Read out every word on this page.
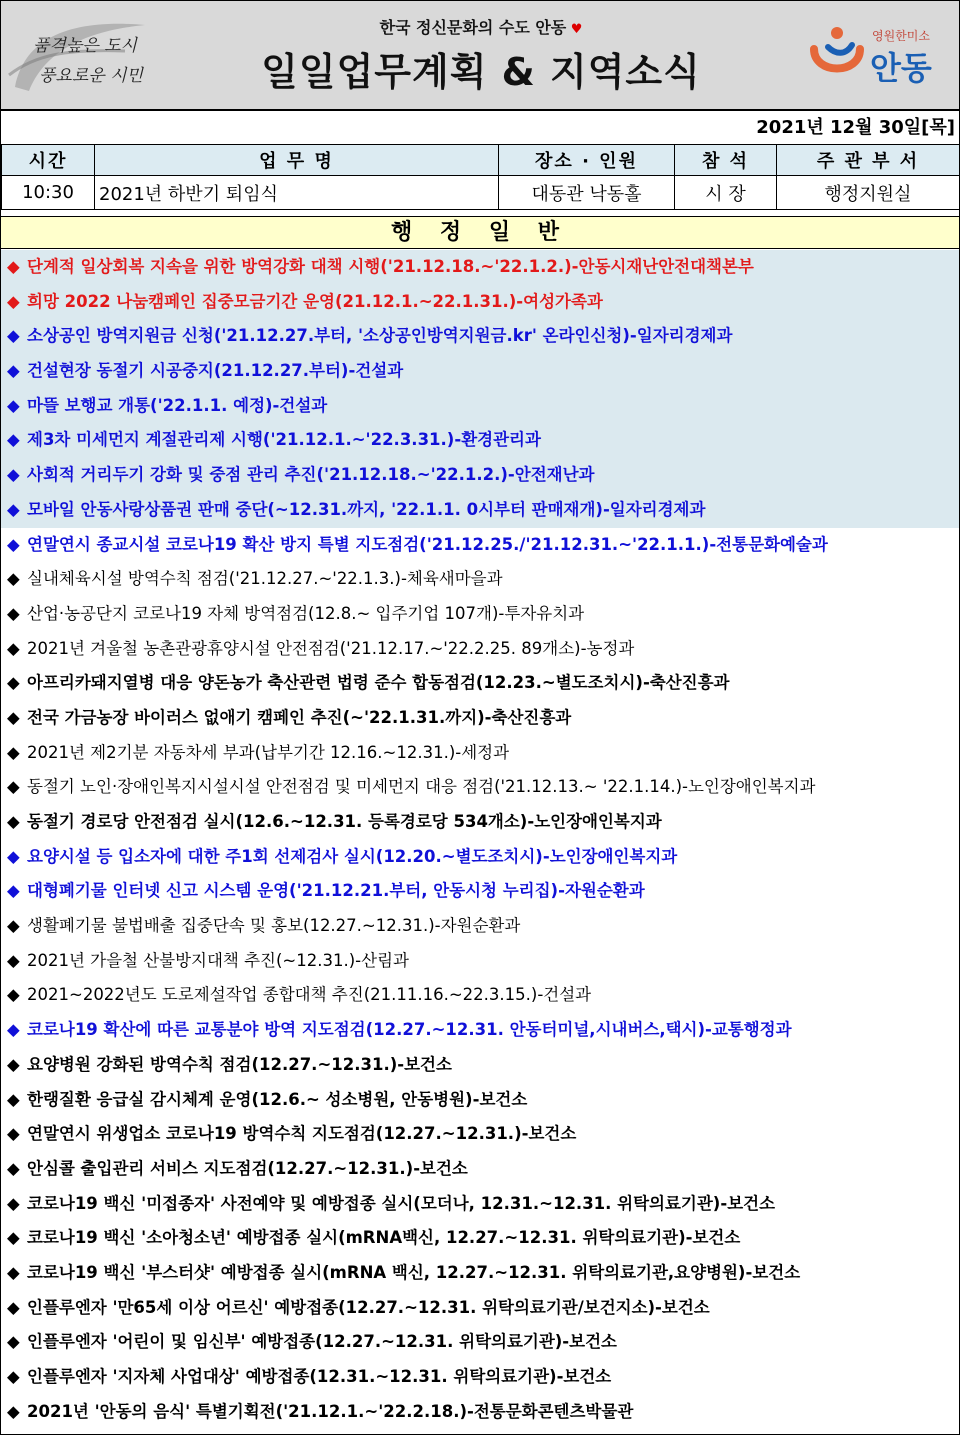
품격높은 도시
풍요로운 시민
한국 정신문화의 수도 안동 ♥
일일업무계획 & 지역소식
영원한미소
안동
2021년 12월 30일[목]
시간	업 무 명	장소 · 인원	참 석	주 관 부 서
10:30	2021년 하반기 퇴임식	대동관 낙동홀	시 장	행정지원실
행 정 일 반
◆ 단계적 일상회복 지속을 위한 방역강화 대책 시행('21.12.18.~'22.1.2.)-안동시재난안전대책본부
◆ 희망 2022 나눔캠페인 집중모금기간 운영(21.12.1.~22.1.31.)-여성가족과
◆ 소상공인 방역지원금 신청('21.12.27.부터, '소상공인방역지원금.kr' 온라인신청)-일자리경제과
◆ 건설현장 동절기 시공중지(21.12.27.부터)-건설과
◆ 마뜰 보행교 개통('22.1.1. 예정)-건설과
◆ 제3차 미세먼지 계절관리제 시행('21.12.1.~'22.3.31.)-환경관리과
◆ 사회적 거리두기 강화 및 중점 관리 추진('21.12.18.~'22.1.2.)-안전재난과
◆ 모바일 안동사랑상품권 판매 중단(~12.31.까지, '22.1.1. 0시부터 판매재개)-일자리경제과
◆ 연말연시 종교시설 코로나19 확산 방지 특별 지도점검('21.12.25./'21.12.31.~'22.1.1.)-전통문화예술과
◆ 실내체육시설 방역수칙 점검('21.12.27.~'22.1.3.)-체육새마을과
◆ 산업·농공단지 코로나19 자체 방역점검(12.8.~ 입주기업 107개)-투자유치과
◆ 2021년 겨울철 농촌관광휴양시설 안전점검('21.12.17.~'22.2.25. 89개소)-농정과
◆ 아프리카돼지열병 대응 양돈농가 축산관련 법령 준수 합동점검(12.23.~별도조치시)-축산진흥과
◆ 전국 가금농장 바이러스 없애기 캠페인 추진(~'22.1.31.까지)-축산진흥과
◆ 2021년 제2기분 자동차세 부과(납부기간 12.16.~12.31.)-세정과
◆ 동절기 노인·장애인복지시설시설 안전점검 및 미세먼지 대응 점검('21.12.13.~ '22.1.14.)-노인장애인복지과
◆ 동절기 경로당 안전점검 실시(12.6.~12.31. 등록경로당 534개소)-노인장애인복지과
◆ 요양시설 등 입소자에 대한 주1회 선제검사 실시(12.20.~별도조치시)-노인장애인복지과
◆ 대형폐기물 인터넷 신고 시스템 운영('21.12.21.부터, 안동시청 누리집)-자원순환과
◆ 생활폐기물 불법배출 집중단속 및 홍보(12.27.~12.31.)-자원순환과
◆ 2021년 가을철 산불방지대책 추진(~12.31.)-산림과
◆ 2021~2022년도 도로제설작업 종합대책 추진(21.11.16.~22.3.15.)-건설과
◆ 코로나19 확산에 따른 교통분야 방역 지도점검(12.27.~12.31. 안동터미널,시내버스,택시)-교통행정과
◆ 요양병원 강화된 방역수칙 점검(12.27.~12.31.)-보건소
◆ 한랭질환 응급실 감시체계 운영(12.6.~ 성소병원, 안동병원)-보건소
◆ 연말연시 위생업소 코로나19 방역수칙 지도점검(12.27.~12.31.)-보건소
◆ 안심콜 출입관리 서비스 지도점검(12.27.~12.31.)-보건소
◆ 코로나19 백신 '미접종자' 사전예약 및 예방접종 실시(모더나, 12.31.~12.31. 위탁의료기관)-보건소
◆ 코로나19 백신 '소아청소년' 예방접종 실시(mRNA백신, 12.27.~12.31. 위탁의료기관)-보건소
◆ 코로나19 백신 '부스터샷' 예방접종 실시(mRNA 백신, 12.27.~12.31. 위탁의료기관,요양병원)-보건소
◆ 인플루엔자 '만65세 이상 어르신' 예방접종(12.27.~12.31. 위탁의료기관/보건지소)-보건소
◆ 인플루엔자 '어린이 및 임신부' 예방접종(12.27.~12.31. 위탁의료기관)-보건소
◆ 인플루엔자 '지자체 사업대상' 예방접종(12.31.~12.31. 위탁의료기관)-보건소
◆ 2021년 '안동의 음식' 특별기획전('21.12.1.~'22.2.18.)-전통문화콘텐츠박물관
